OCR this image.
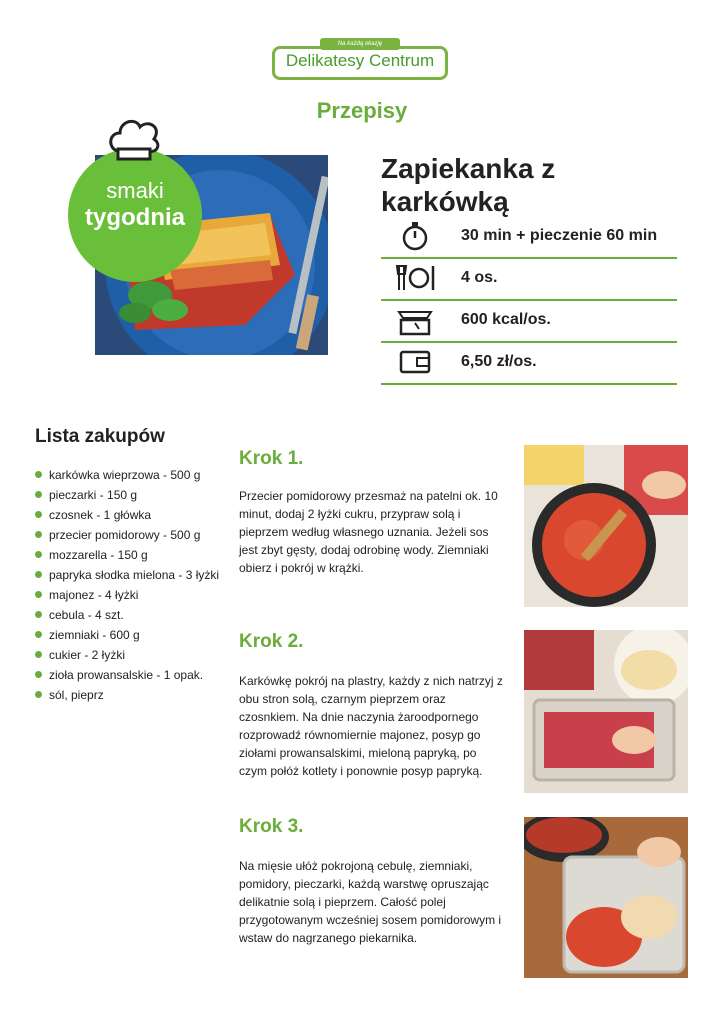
Na każdą okazję
Delikatesy Centrum
Przepisy
smaki
tygodnia
Zapiekanka z
karkówką
30 min + pieczenie 60 min
4 os.
600 kcal/os.
6,50 zł/os.
Lista zakupów
karkówka wieprzowa - 500 g
pieczarki - 150 g
czosnek - 1 główka
przecier pomidorowy - 500 g
mozzarella - 150 g
papryka słodka mielona - 3 łyżki
majonez - 4 łyżki
cebula - 4 szt.
ziemniaki - 600 g
cukier - 2 łyżki
zioła prowansalskie - 1 opak.
sól, pieprz
Krok 1.
Przecier pomidorowy przesmaż na patelni ok. 10 minut, dodaj 2 łyżki cukru, przypraw solą i pieprzem według własnego uznania. Jeżeli sos jest zbyt gęsty, dodaj odrobinę wody. Ziemniaki obierz i pokrój w krążki.
Krok 2.
Karkówkę pokrój na plastry, każdy z nich natrzyj z obu stron solą, czarnym pieprzem oraz czosnkiem. Na dnie naczynia żaroodpornego rozprowadź równomiernie majonez, posyp go ziołami prowansalskimi, mieloną papryką, po czym połóż kotlety i ponownie posyp papryką.
Krok 3.
Na mięsie ułóż pokrojoną cebulę, ziemniaki, pomidory, pieczarki, każdą warstwę opruszając delikatnie solą i pieprzem. Całość polej przygotowanym wcześniej sosem pomidorowym i wstaw do nagrzanego piekarnika.
